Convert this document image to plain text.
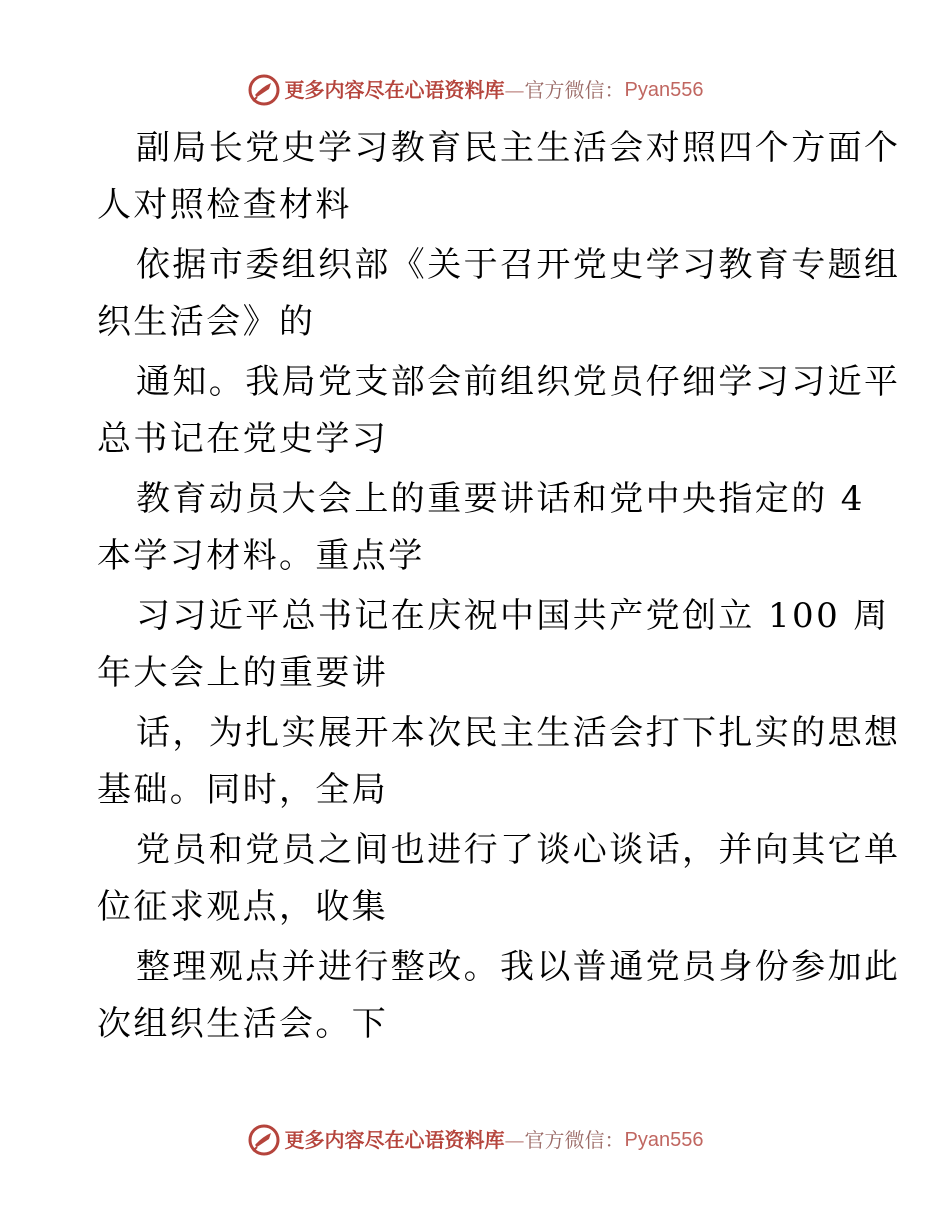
更多内容尽在心语资料库 — 官方微信： Pyan556
副局长党史学习教育民主生活会对照四个方面个
人对照检查材料
依据市委组织部《关于召开党史学习教育专题组
织生活会》的
通知。我局党支部会前组织党员仔细学习习近平
总书记在党史学习
教育动员大会上的重要讲话和党中央指定的 4
本学习材料。重点学
习习近平总书记在庆祝中国共产党创立 100 周
年大会上的重要讲
话，为扎实展开本次民主生活会打下扎实的思想
基础。同时，全局
党员和党员之间也进行了谈心谈话，并向其它单
位征求观点，收集
整理观点并进行整改。我以普通党员身份参加此
次组织生活会。下
更多内容尽在心语资料库 — 官方微信： Pyan556
